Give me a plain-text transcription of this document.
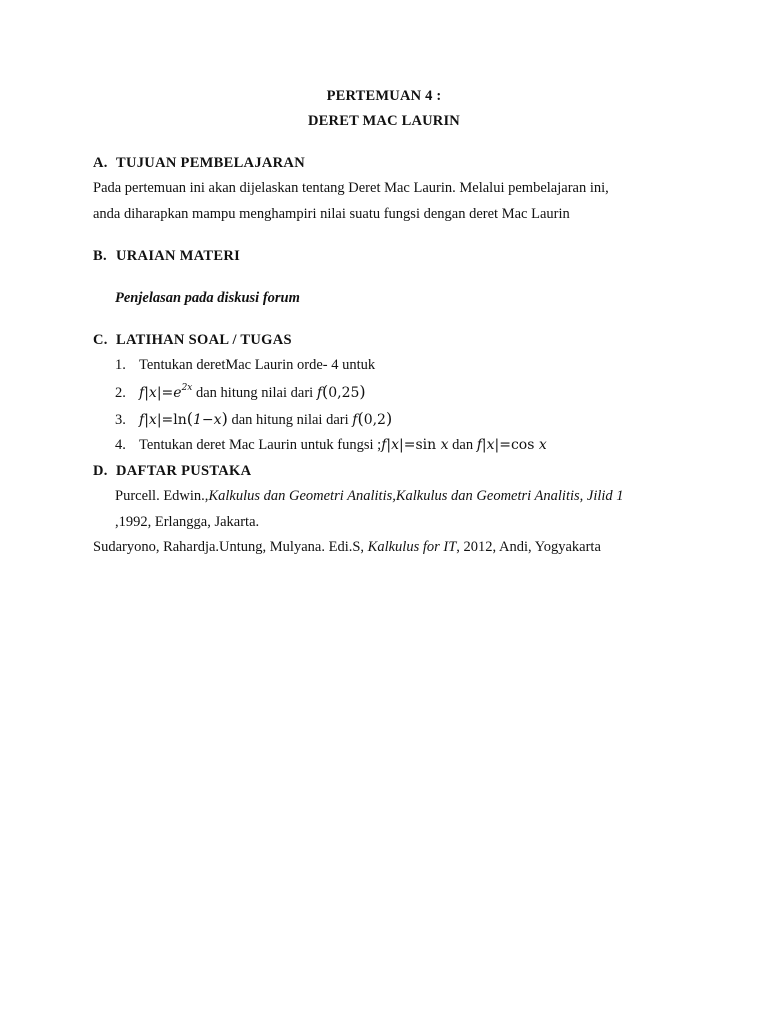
PERTEMUAN 4 :
DERET MAC LAURIN
A. TUJUAN PEMBELAJARAN
Pada pertemuan ini akan dijelaskan tentang Deret Mac Laurin. Melalui pembelajaran ini,
anda diharapkan mampu menghampiri nilai suatu fungsi dengan deret Mac Laurin
B. URAIAN MATERI
Penjelasan pada diskusi forum
C. LATIHAN SOAL / TUGAS
1. Tentukan deretMac Laurin orde- 4 untuk
2. $f|x|=e^{2x}$ dan hitung nilai dari f(0,25)
3. f|x|=ln(1−x) dan hitung nilai dari f(0,2)
4. Tentukan deret Mac Laurin untuk fungsi ;f|x|=sin x dan f|x|=cos x
D. DAFTAR PUSTAKA
Purcell. Edwin.,Kalkulus dan Geometri Analitis,Kalkulus dan Geometri Analitis, Jilid 1
,1992, Erlangga, Jakarta.
Sudaryono, Rahardja.Untung, Mulyana. Edi.S, Kalkulus for IT, 2012, Andi, Yogyakarta
